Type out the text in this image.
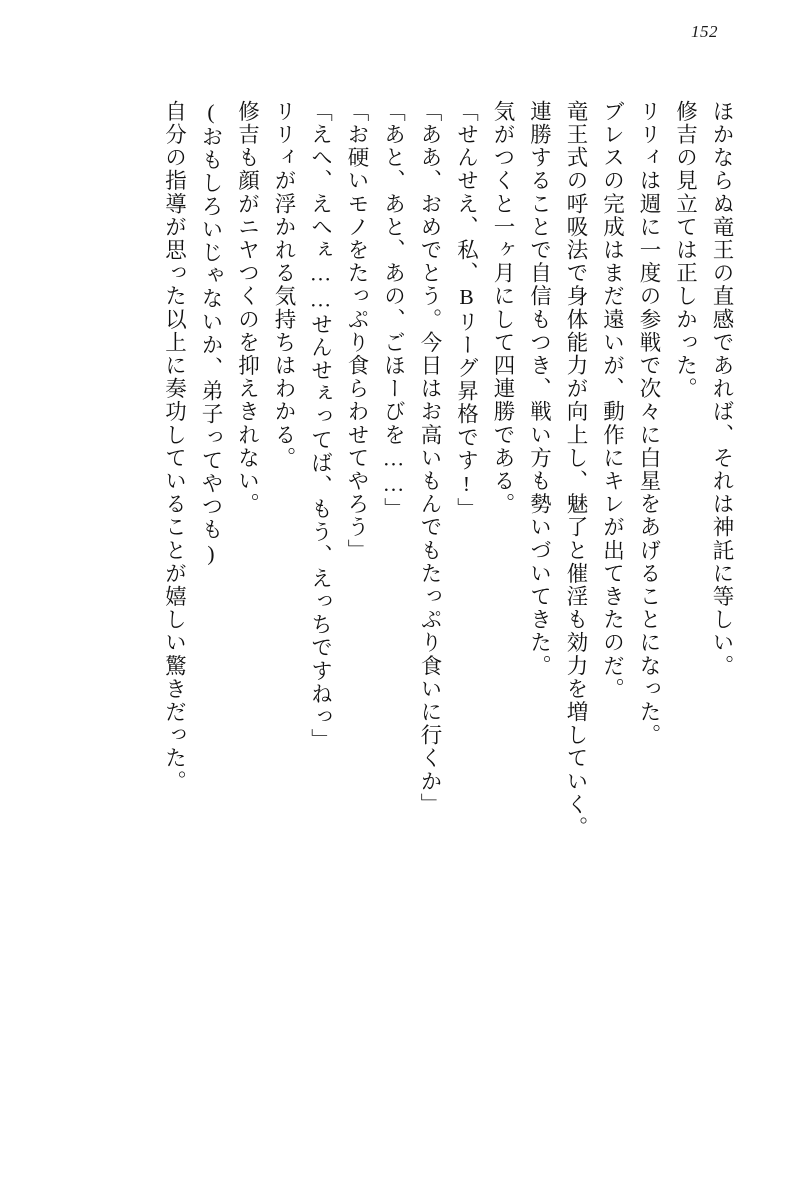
152

ほかならぬ竜王の直感であれば、それは神託に等しい。

修吉の見立ては正しかった。

リリィは週に一度の参戦で次々に白星をあげることになった。

ブレスの完成はまだ遠いが、動作にキレが出てきたのだ。

竜王式の呼吸法で身体能力が向上し、魅了と催淫も効力を増していく。

連勝することで自信もつき、戦い方も勢いづいてきた。

気がつくと一ヶ月にして四連勝である。

「せんせえ、私、Bリーグ昇格です!」

「ああ、おめでとう。今日はお高いもんでもたっぷり食いに行くか」

「あと、あと、あの、ごほーびを……」

「お硬いモノをたっぷり食らわせてやろう」

「えへ、えへぇ……せんせぇってば、もう、えっちですねっ」

リリィが浮かれる気持ちはわかる。

修吉も顔がニヤつくのを抑えきれない。

(おもしろいじゃないか、弟子ってやつも)

自分の指導が思った以上に奏功していることが嬉しい驚きだった。
